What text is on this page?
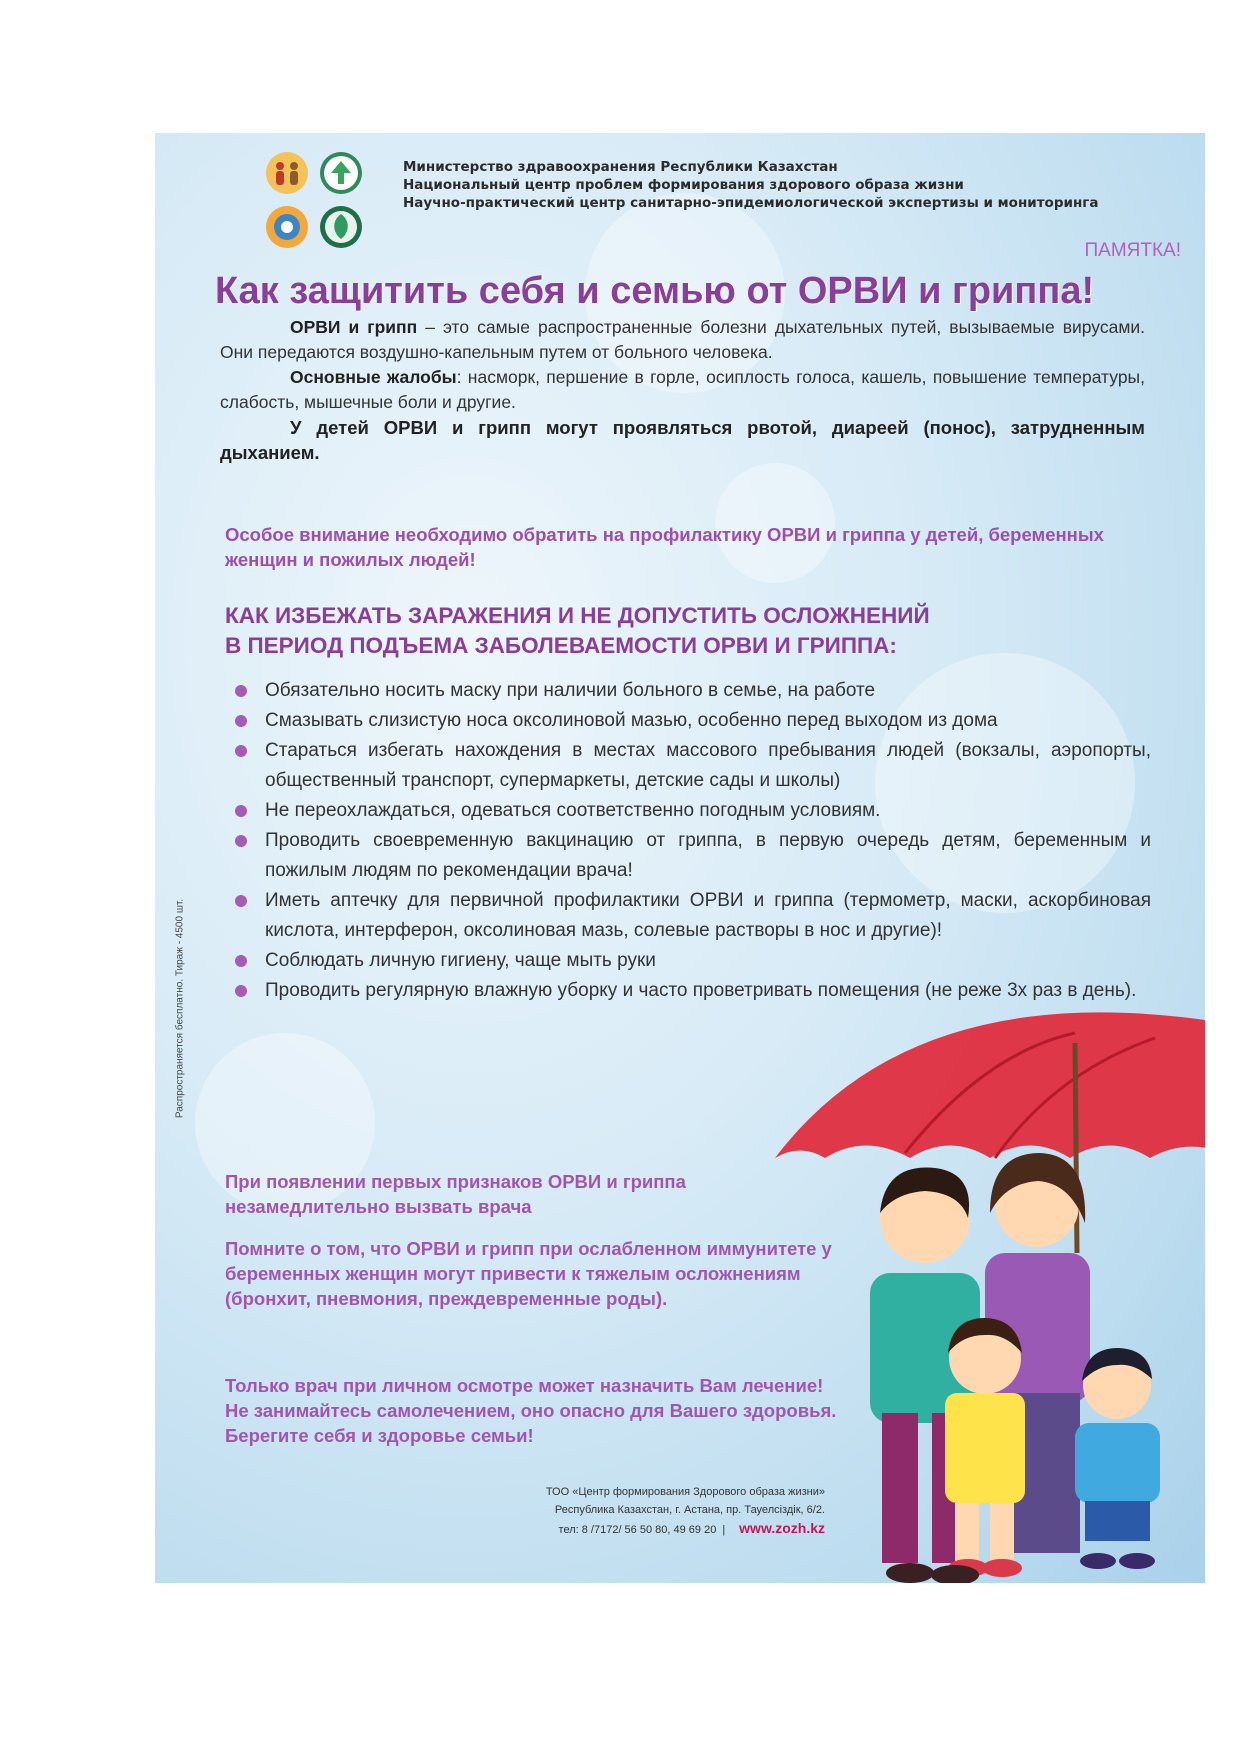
Министерство здравоохранения Республики Казахстан
Национальный центр проблем формирования здорового образа жизни
Научно-практический центр санитарно-эпидемиологической экспертизы и мониторинга
ПАМЯТКА!
Как защитить себя и семью от ОРВИ и гриппа!

ОРВИ и грипп – это самые распространенные болезни дыхательных путей, вызываемые вирусами. Они передаются воздушно-капельным путем от больного человека.

Основные жалобы: насморк, першение в горле, осиплость голоса, кашель, повышение температуры, слабость, мышечные боли и другие.

У детей ОРВИ и грипп могут проявляться рвотой, диареей (понос), затрудненным дыханием.

Особое внимание необходимо обратить на профилактику ОРВИ и гриппа у детей, беременных женщин и пожилых людей!
КАК ИЗБЕЖАТЬ ЗАРАЖЕНИЯ И НЕ ДОПУСТИТЬ ОСЛОЖНЕНИЙ
В ПЕРИОД ПОДЪЕМА ЗАБОЛЕВАЕМОСТИ ОРВИ И ГРИППА:
Обязательно носить маску при наличии больного в семье, на работе
Смазывать слизистую носа оксолиновой мазью, особенно перед выходом из дома
Стараться избегать нахождения в местах массового пребывания людей (вокзалы, аэропорты, общественный транспорт, супермаркеты, детские сады и школы)
Не переохлаждаться, одеваться соответственно погодным условиям.
Проводить своевременную вакцинацию от гриппа, в первую очередь детям, беременным и пожилым людям по рекомендации врача!
Иметь аптечку для первичной профилактики ОРВИ и гриппа (термометр, маски, аскорбиновая кислота, интерферон, оксолиновая мазь, солевые растворы в нос и другие)!
Соблюдать личную гигиену, чаще мыть руки
Проводить регулярную влажную уборку и часто проветривать помещения (не реже 3х раз в день).
При появлении первых признаков ОРВИ и гриппа незамедлительно вызвать врача
Помните о том, что ОРВИ и грипп при ослабленном иммунитете у беременных женщин могут привести к тяжелым осложнениям (бронхит, пневмония, преждевременные роды).
Только врач при личном осмотре может назначить Вам лечение! Не занимайтесь самолечением, оно опасно для Вашего здоровья. Берегите себя и здоровье семьи!
Распространяется бесплатно. Тираж - 4500 шт.
ТОО «Центр формирования Здорового образа жизни»
Республика Казахстан, г. Астана, пр. Тауелсіздік, 6/2.
тел: 8 /7172/ 56 50 80, 49 69 20 | www.zozh.kz
